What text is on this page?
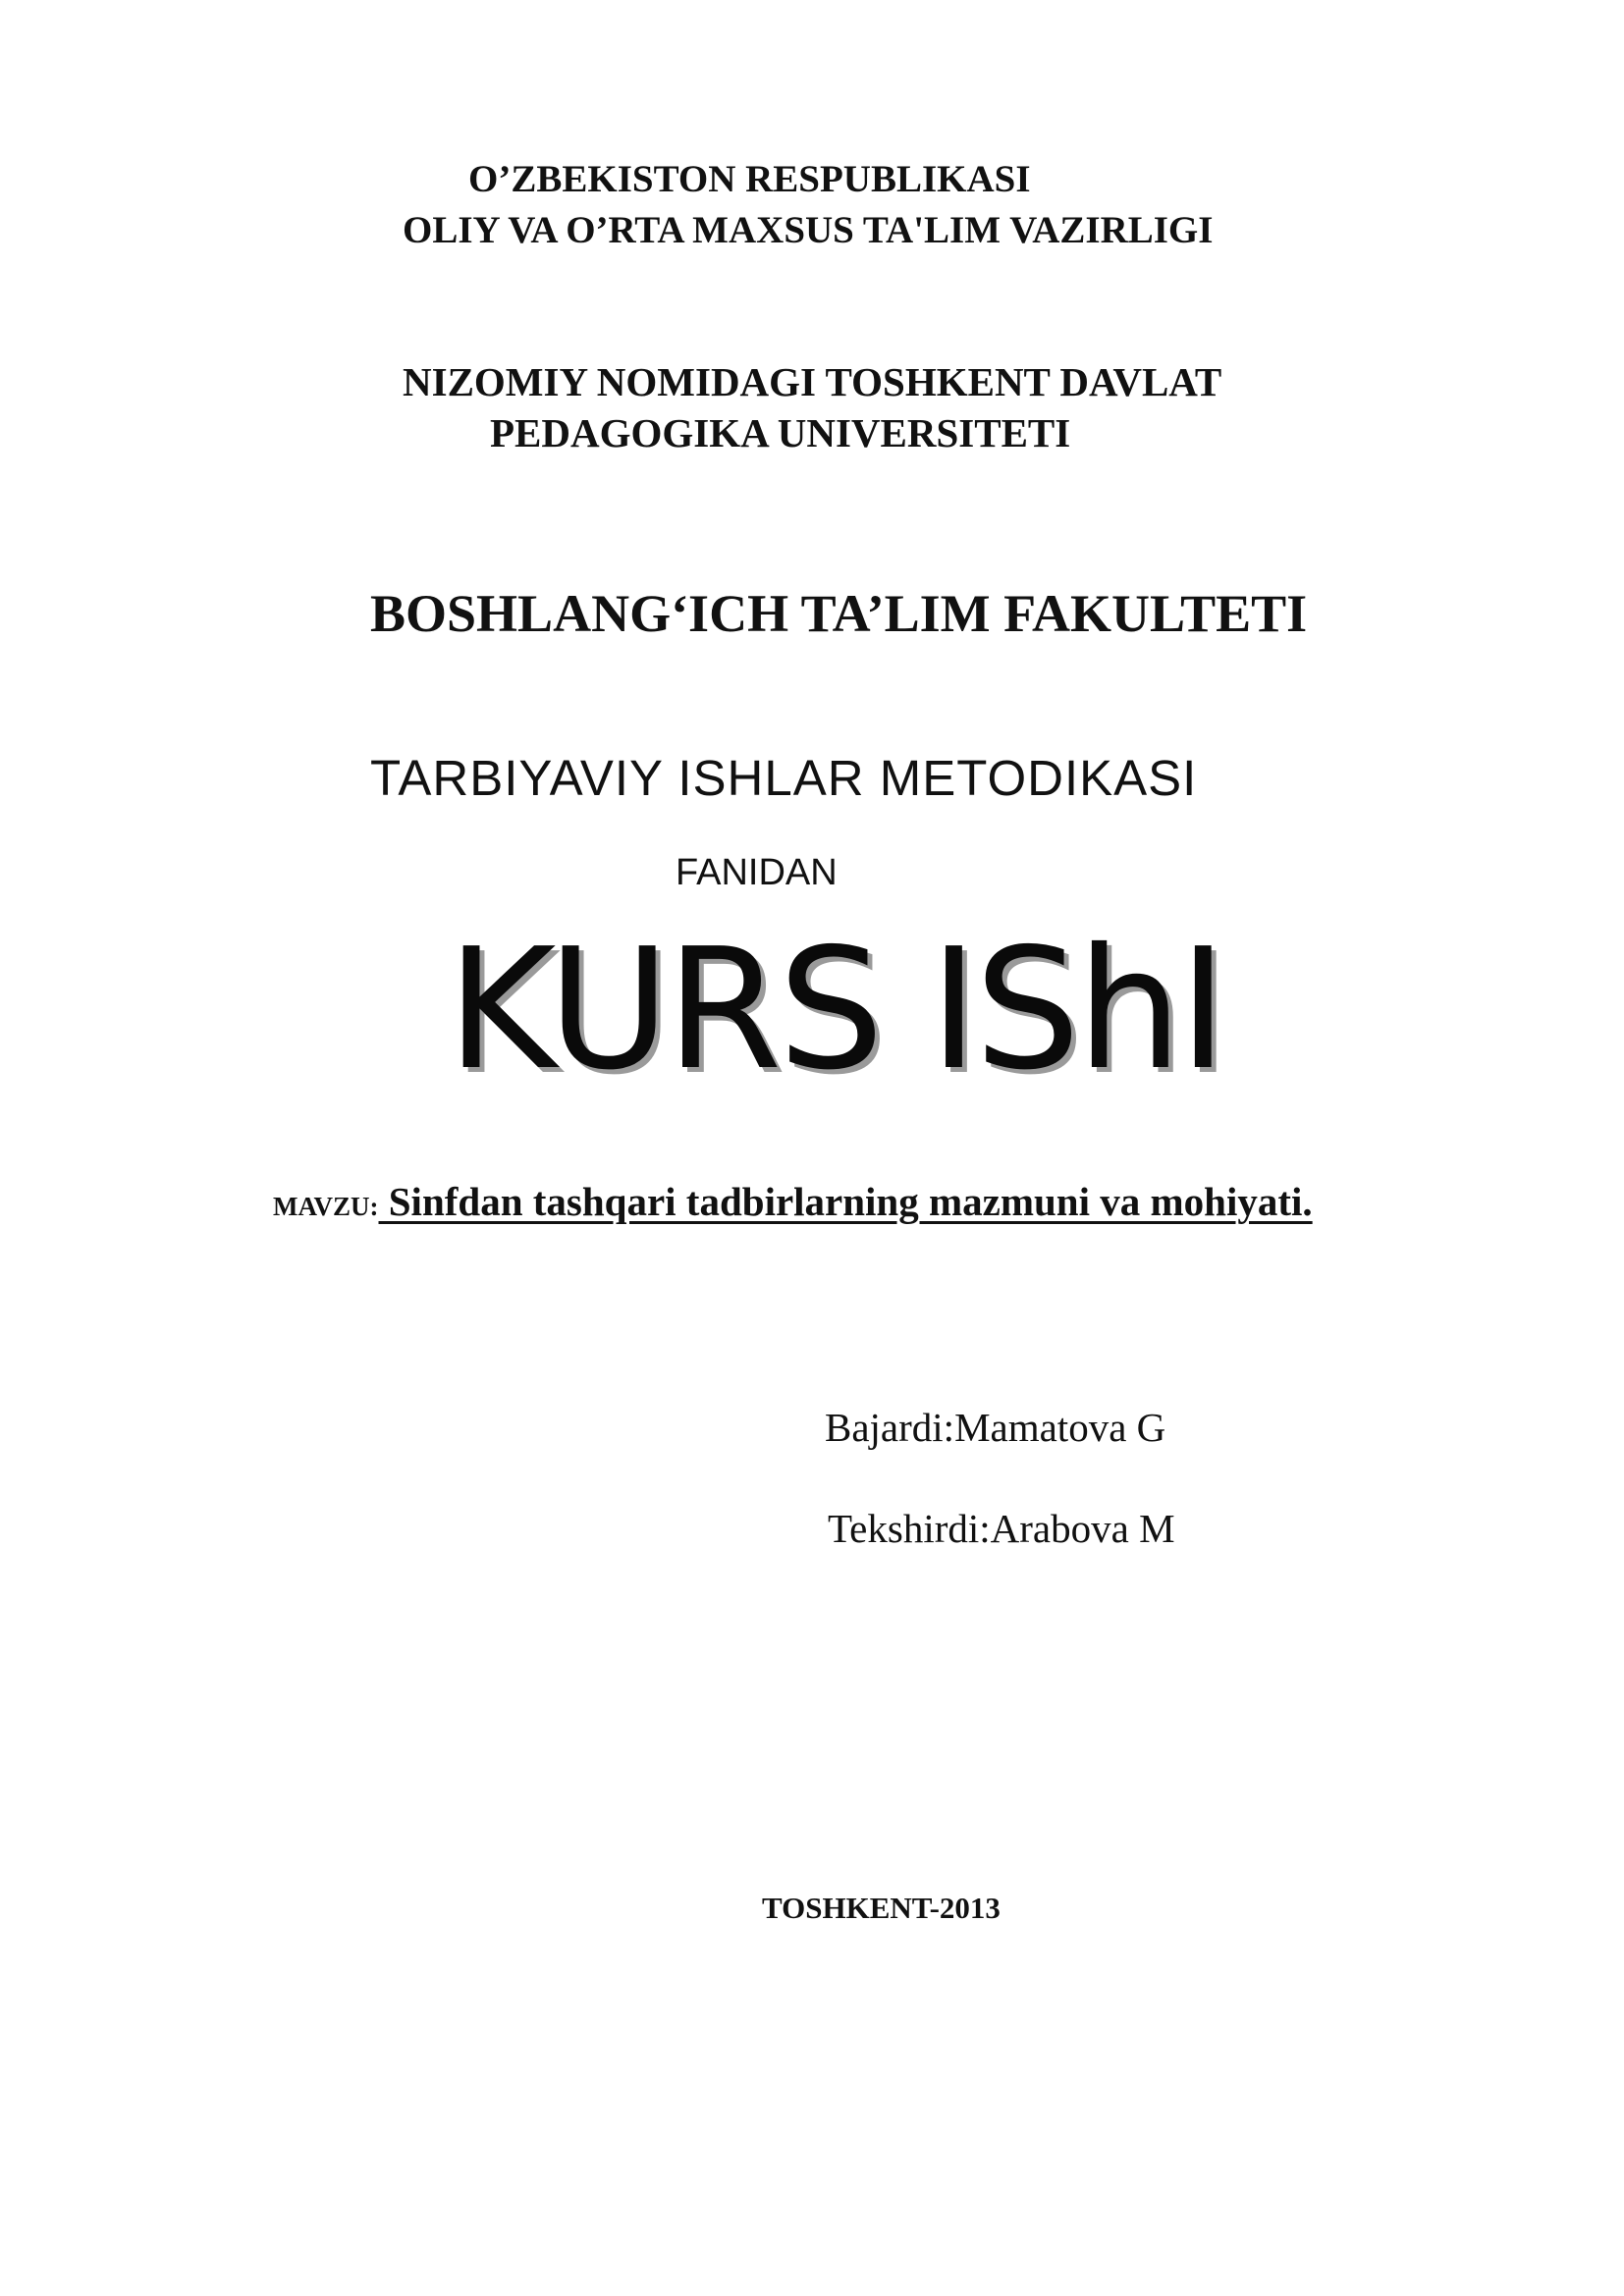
O’ZBEKISTON RESPUBLIKASI

OLIY VA O’RTA MAXSUS TA'LIM VAZIRLIGI

NIZOMIY NOMIDAGI TOSHKENT DAVLAT

PEDAGOGIKA UNIVERSITETI

BOSHLANG‘ICH TA’LIM FAKULTETI

TARBIYAVIY ISHLAR METODIKASI

FANIDAN

KURS IShI

MAVZU: Sinfdan tashqari tadbirlarning mazmuni va mohiyati.

Bajardi:Mamatova G

Tekshirdi:Arabova M

TOSHKENT-2013
